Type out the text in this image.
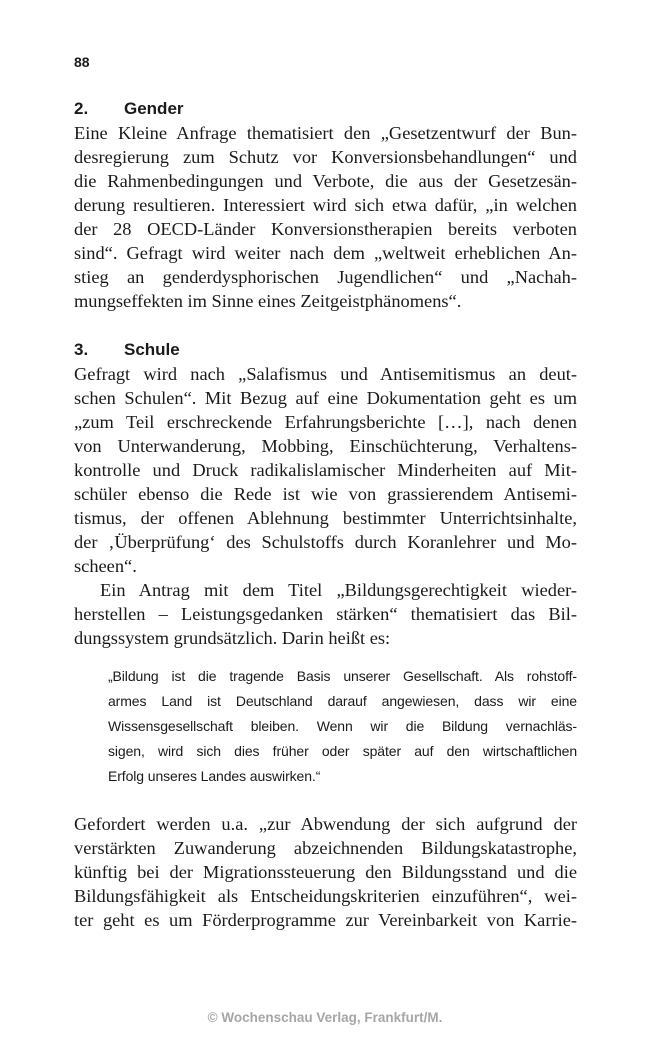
88
2. Gender
Eine Kleine Anfrage thematisiert den „Gesetzentwurf der Bun-
desregierung zum Schutz vor Konversionsbehandlungen“ und
die Rahmenbedingungen und Verbote, die aus der Gesetzesän-
derung resultieren. Interessiert wird sich etwa dafür, „in welchen
der 28 OECD-Länder Konversionstherapien bereits verboten
sind“. Gefragt wird weiter nach dem „weltweit erheblichen An-
stieg an genderdysphorischen Jugendlichen“ und „Nachah-
mungseffekten im Sinne eines Zeitgeistphänomens“.
3. Schule
Gefragt wird nach „Salafismus und Antisemitismus an deut-
schen Schulen“. Mit Bezug auf eine Dokumentation geht es um
„zum Teil erschreckende Erfahrungsberichte […], nach denen
von Unterwanderung, Mobbing, Einschüchterung, Verhaltens-
kontrolle und Druck radikalislamischer Minderheiten auf Mit-
schüler ebenso die Rede ist wie von grassierendem Antisemi-
tismus, der offenen Ablehnung bestimmter Unterrichtsinhalte,
der ‚Überprüfung‘ des Schulstoffs durch Koranlehrer und Mo-
scheen“.
Ein Antrag mit dem Titel „Bildungsgerechtigkeit wieder-
herstellen – Leistungsgedanken stärken“ thematisiert das Bil-
dungssystem grundsätzlich. Darin heißt es:
„Bildung ist die tragende Basis unserer Gesellschaft. Als rohstoff-
armes Land ist Deutschland darauf angewiesen, dass wir eine
Wissensgesellschaft bleiben. Wenn wir die Bildung vernachläs-
sigen, wird sich dies früher oder später auf den wirtschaftlichen
Erfolg unseres Landes auswirken.“
Gefordert werden u.a. „zur Abwendung der sich aufgrund der
verstärkten Zuwanderung abzeichnenden Bildungskatastrophe,
künftig bei der Migrationssteuerung den Bildungsstand und die
Bildungsfähigkeit als Entscheidungskriterien einzuführen“, wei-
ter geht es um Förderprogramme zur Vereinbarkeit von Karrie-
© Wochenschau Verlag, Frankfurt/M.
